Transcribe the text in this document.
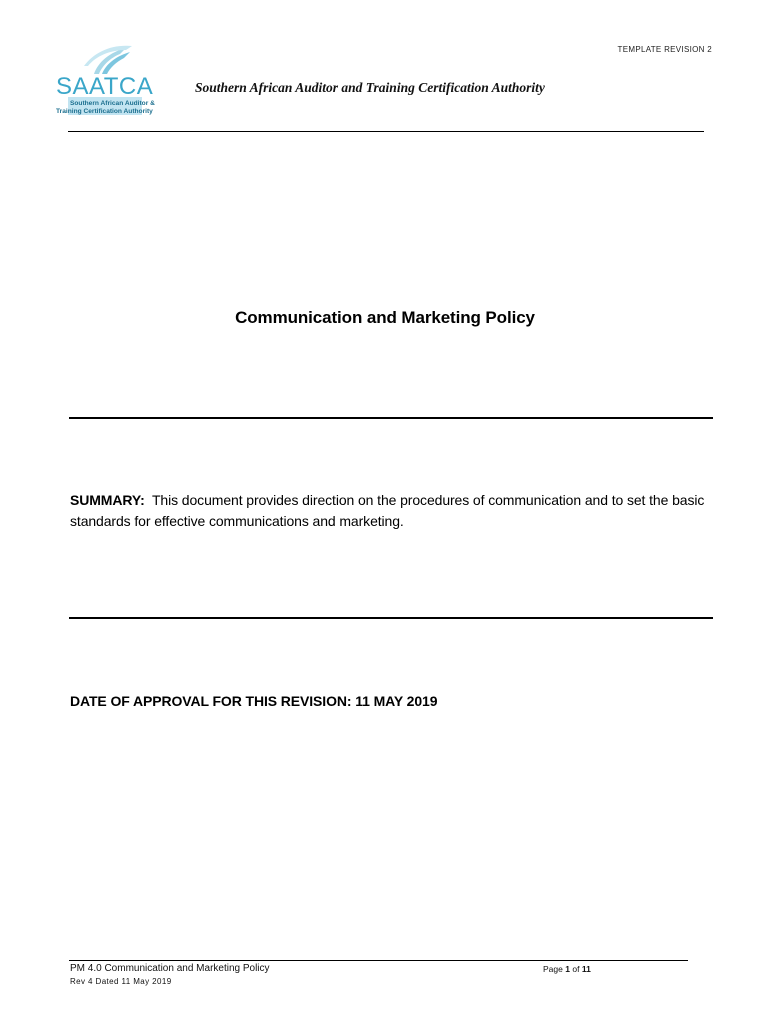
TEMPLATE REVISION 2
SAATCA
Southern African Auditor &
Training Certification Authority
Southern African Auditor and Training Certification Authority
Communication and Marketing Policy
SUMMARY: This document provides direction on the procedures of communication and to set the basic standards for effective communications and marketing.
DATE OF APPROVAL FOR THIS REVISION: 11 MAY 2019
PM 4.0 Communication and Marketing Policy
Rev 4 Dated 11 May 2019
Page 1 of 11
